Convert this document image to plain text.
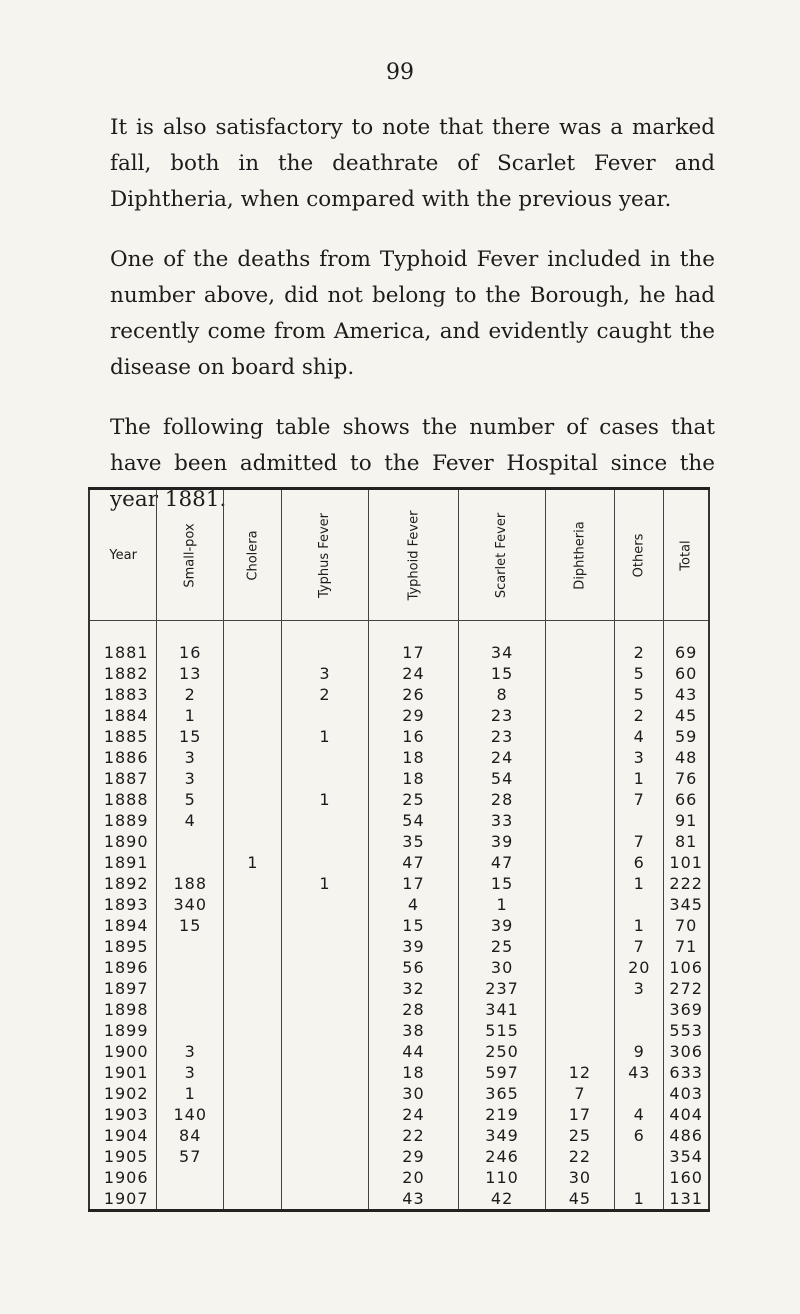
99

It is also satisfactory to note that there was a marked fall, both in the deathrate of Scarlet Fever and Diphtheria, when compared with the previous year.

One of the deaths from Typhoid Fever included in the number above, did not belong to the Borough, he had recently come from America, and evidently caught the disease on board ship.

The following table shows the number of cases that have been admitted to the Fever Hospital since the year 1881.

Year	Small-pox	Cholera	Typhus Fever	Typhoid Fever	Scarlet Fever	Diphtheria	Others	Total

1881	16			17	34		2	69
1882	13		3	24	15		5	60
1883	2		2	26	8		5	43
1884	1			29	23		2	45
1885	15		1	16	23		4	59
1886	3			18	24		3	48
1887	3			18	54		1	76
1888	5		1	25	28		7	66
1889	4			54	33			91
1890				35	39		7	81
1891		1		47	47		6	101
1892	188		1	17	15		1	222
1893	340			4	1			345
1894	15			15	39		1	70
1895				39	25		7	71
1896				56	30		20	106
1897				32	237		3	272
1898				28	341			369
1899				38	515			553
1900	3			44	250		9	306
1901	3			18	597	12	43	633
1902	1			30	365	7		403
1903	140			24	219	17	4	404
1904	84			22	349	25	6	486
1905	57			29	246	22		354
1906				20	110	30		160
1907				43	42	45	1	131
